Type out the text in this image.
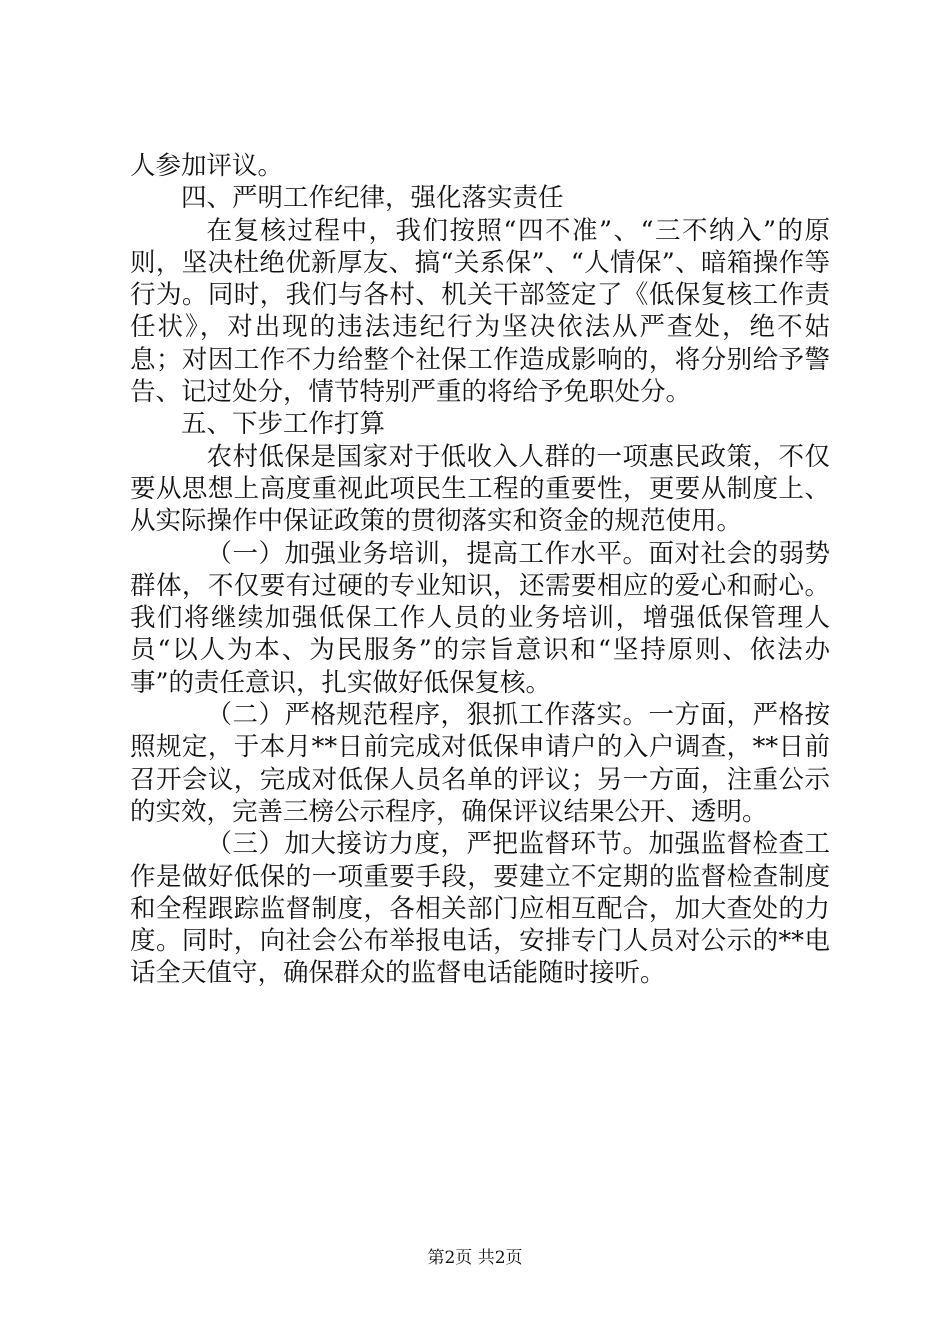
人参加评议。

四、严明工作纪律，强化落实责任

在复核过程中，我们按照“四不准”、“三不纳入”的原则，坚决杜绝优新厚友、搞“关系保”、“人情保”、暗箱操作等行为。同时，我们与各村、机关干部签定了《低保复核工作责任状》，对出现的违法违纪行为坚决依法从严查处，绝不姑息；对因工作不力给整个社保工作造成影响的，将分别给予警告、记过处分，情节特别严重的将给予免职处分。

五、下步工作打算

农村低保是国家对于低收入人群的一项惠民政策，不仅要从思想上高度重视此项民生工程的重要性，更要从制度上、从实际操作中保证政策的贯彻落实和资金的规范使用。

（一）加强业务培训，提高工作水平。面对社会的弱势群体，不仅要有过硬的专业知识，还需要相应的爱心和耐心。我们将继续加强低保工作人员的业务培训，增强低保管理人员“以人为本、为民服务”的宗旨意识和“坚持原则、依法办事”的责任意识，扎实做好低保复核。

（二）严格规范程序，狠抓工作落实。一方面，严格按照规定，于本月**日前完成对低保申请户的入户调查，**日前召开会议，完成对低保人员名单的评议；另一方面，注重公示的实效，完善三榜公示程序，确保评议结果公开、透明。

（三）加大接访力度，严把监督环节。加强监督检查工作是做好低保的一项重要手段，要建立不定期的监督检查制度和全程跟踪监督制度，各相关部门应相互配合，加大查处的力度。同时，向社会公布举报电话，安排专门人员对公示的**电话全天值守，确保群众的监督电话能随时接听。

第2页 共2页
